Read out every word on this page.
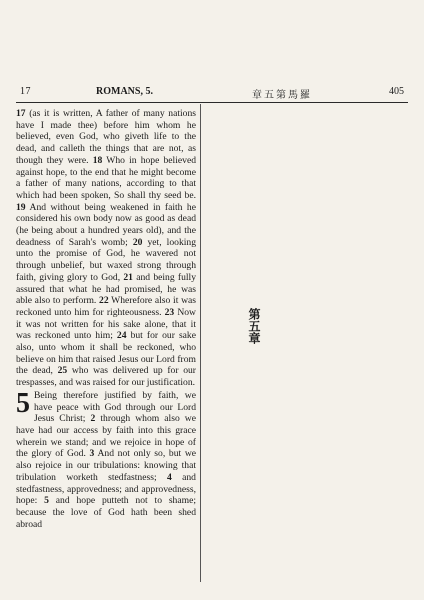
17	ROMANS, 5.	章五第馬羅	405

17 (as it is written, A father of many nations have I made thee) before him whom he believed, even God, who giveth life to the dead, and calleth the things that are not, as though they were. 18 Who in hope believed against hope, to the end that he might become a father of many nations, according to that which had been spoken, So shall thy seed be. 19 And without being weakened in faith he considered his own body now as good as dead (he being about a hundred years old), and the deadness of Sarah's womb; 20 yet, looking unto the promise of God, he wavered not through unbelief, but waxed strong through faith, giving glory to God, 21 and being fully assured that what he had promised, he was able also to perform. 22 Wherefore also it was reckoned unto him for righteousness. 23 Now it was not written for his sake alone, that it was reckoned unto him; 24 but for our sake also, unto whom it shall be reckoned, who believe on him that raised Jesus our Lord from the dead, 25 who was delivered up for our trespasses, and was raised for our justification.

5 Being therefore justified by faith, we have peace with God through our Lord Jesus Christ; 2 through whom also we have had our access by faith into this grace wherein we stand; and we rejoice in hope of the glory of God. 3 And not only so, but we also rejoice in our tribulations: knowing that tribulation worketh stedfastness; 4 and stedfastness, approvedness; and approvedness, hope: 5 and hope putteth not to shame; because the love of God hath been shed abroad

第五章
